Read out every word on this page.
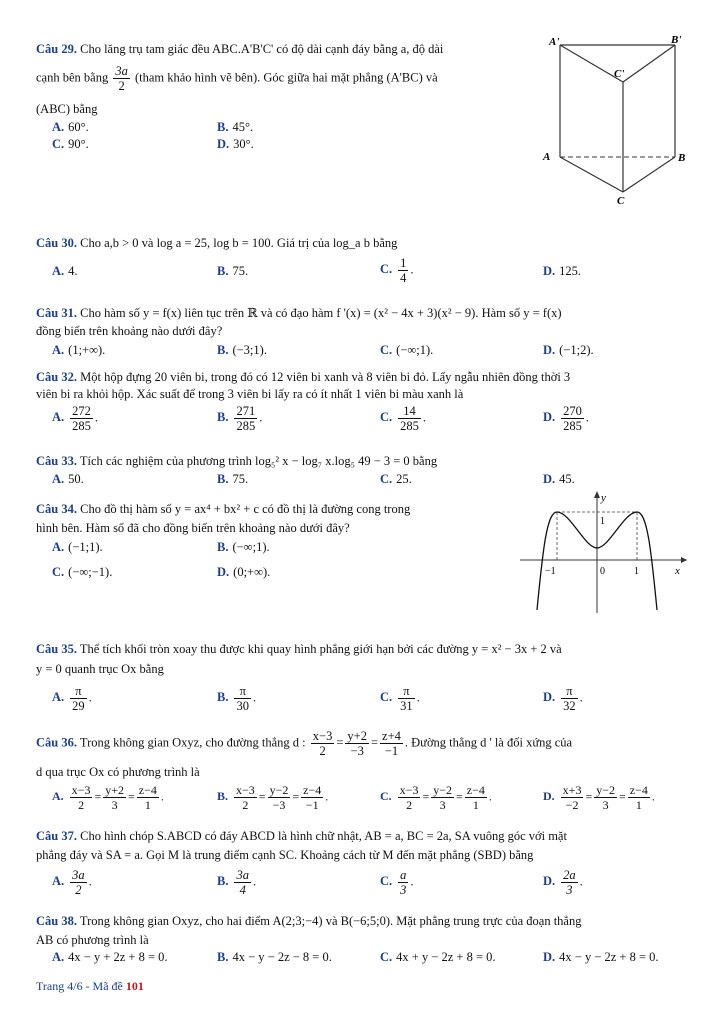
Câu 29. Cho lăng trụ tam giác đều ABC.A'B'C' có độ dài cạnh đáy bằng a, độ dài
cạnh bên bằng $\frac{3a}{2}$ (tham khảo hình vẽ bên). Góc giữa hai mặt phẳng (A'BC) và
(ABC) bằng
A. 60°.	B. 45°.
C. 90°.	D. 30°.
A'	B'
C'
A	B
C
Câu 30. Cho a,b > 0 và log a = 25, log b = 100. Giá trị của log_a b bằng
A. 4.	B. 75.	C. $\frac{1}{4}$ .	D. 125.
Câu 31. Cho hàm số y = f(x) liên tục trên ℝ và có đạo hàm f '(x) = (x² − 4x + 3)(x² − 9). Hàm số y = f(x)
đồng biến trên khoảng nào dưới đây?
A. (1;+∞).	B. (−3;1).	C. (−∞;1).	D. (−1;2).
Câu 32. Một hộp đựng 20 viên bi, trong đó có 12 viên bi xanh và 8 viên bi đỏ. Lấy ngẫu nhiên đồng thời 3
viên bi ra khỏi hộp. Xác suất để trong 3 viên bi lấy ra có ít nhất 1 viên bi màu xanh là
A. $\frac{272}{285}$ .	B. $\frac{271}{285}$ .	C. $\frac{14}{285}$ .	D. $\frac{270}{285}$ .
Câu 33. Tích các nghiệm của phương trình log₅² x − log₇ x.log₅ 49 − 3 = 0 bằng
A. 50.	B. 75.	C. 25.	D. 45.
Câu 34. Cho đồ thị hàm số y = ax⁴ + bx² + c có đồ thị là đường cong trong
hình bên. Hàm số đã cho đồng biến trên khoảng nào dưới đây?
A. (−1;1).	B. (−∞;1).
C. (−∞;−1).	D. (0;+∞).
y
x
1
−1	0	1
Câu 35. Thể tích khối tròn xoay thu được khi quay hình phẳng giới hạn bởi các đường y = x² − 3x + 2 và
y = 0 quanh trục Ox bằng
A. $\frac{\pi}{29}$ .	B. $\frac{\pi}{30}$ .	C. $\frac{\pi}{31}$ .	D. $\frac{\pi}{32}$ .
Câu 36. Trong không gian Oxyz, cho đường thẳng d : $\frac{x-3}{2} = \frac{y+2}{-3} = \frac{z+4}{-1}$ . Đường thẳng d ' là đối xứng của
d qua trục Ox có phương trình là
A. $\frac{x-3}{2} = \frac{y+2}{3} = \frac{z-4}{1}$ .	B. $\frac{x-3}{2} = \frac{y-2}{-3} = \frac{z-4}{-1}$ .	C. $\frac{x-3}{2} = \frac{y-2}{3} = \frac{z-4}{1}$ .	D. $\frac{x+3}{-2} = \frac{y-2}{3} = \frac{z-4}{1}$ .
Câu 37. Cho hình chóp S.ABCD có đáy ABCD là hình chữ nhật, AB = a, BC = 2a, SA vuông góc với mặt
phẳng đáy và SA = a. Gọi M là trung điểm cạnh SC. Khoảng cách từ M đến mặt phẳng (SBD) bằng
A. $\frac{3a}{2}$ .	B. $\frac{3a}{4}$ .	C. $\frac{a}{3}$ .	D. $\frac{2a}{3}$ .
Câu 38. Trong không gian Oxyz, cho hai điểm A(2;3;−4) và B(−6;5;0). Mặt phẳng trung trực của đoạn thẳng
AB có phương trình là
A. 4x − y + 2z + 8 = 0.	B. 4x − y − 2z − 8 = 0.	C. 4x + y − 2z + 8 = 0.	D. 4x − y − 2z + 8 = 0.
Trang 4/6 - Mã đề 101
